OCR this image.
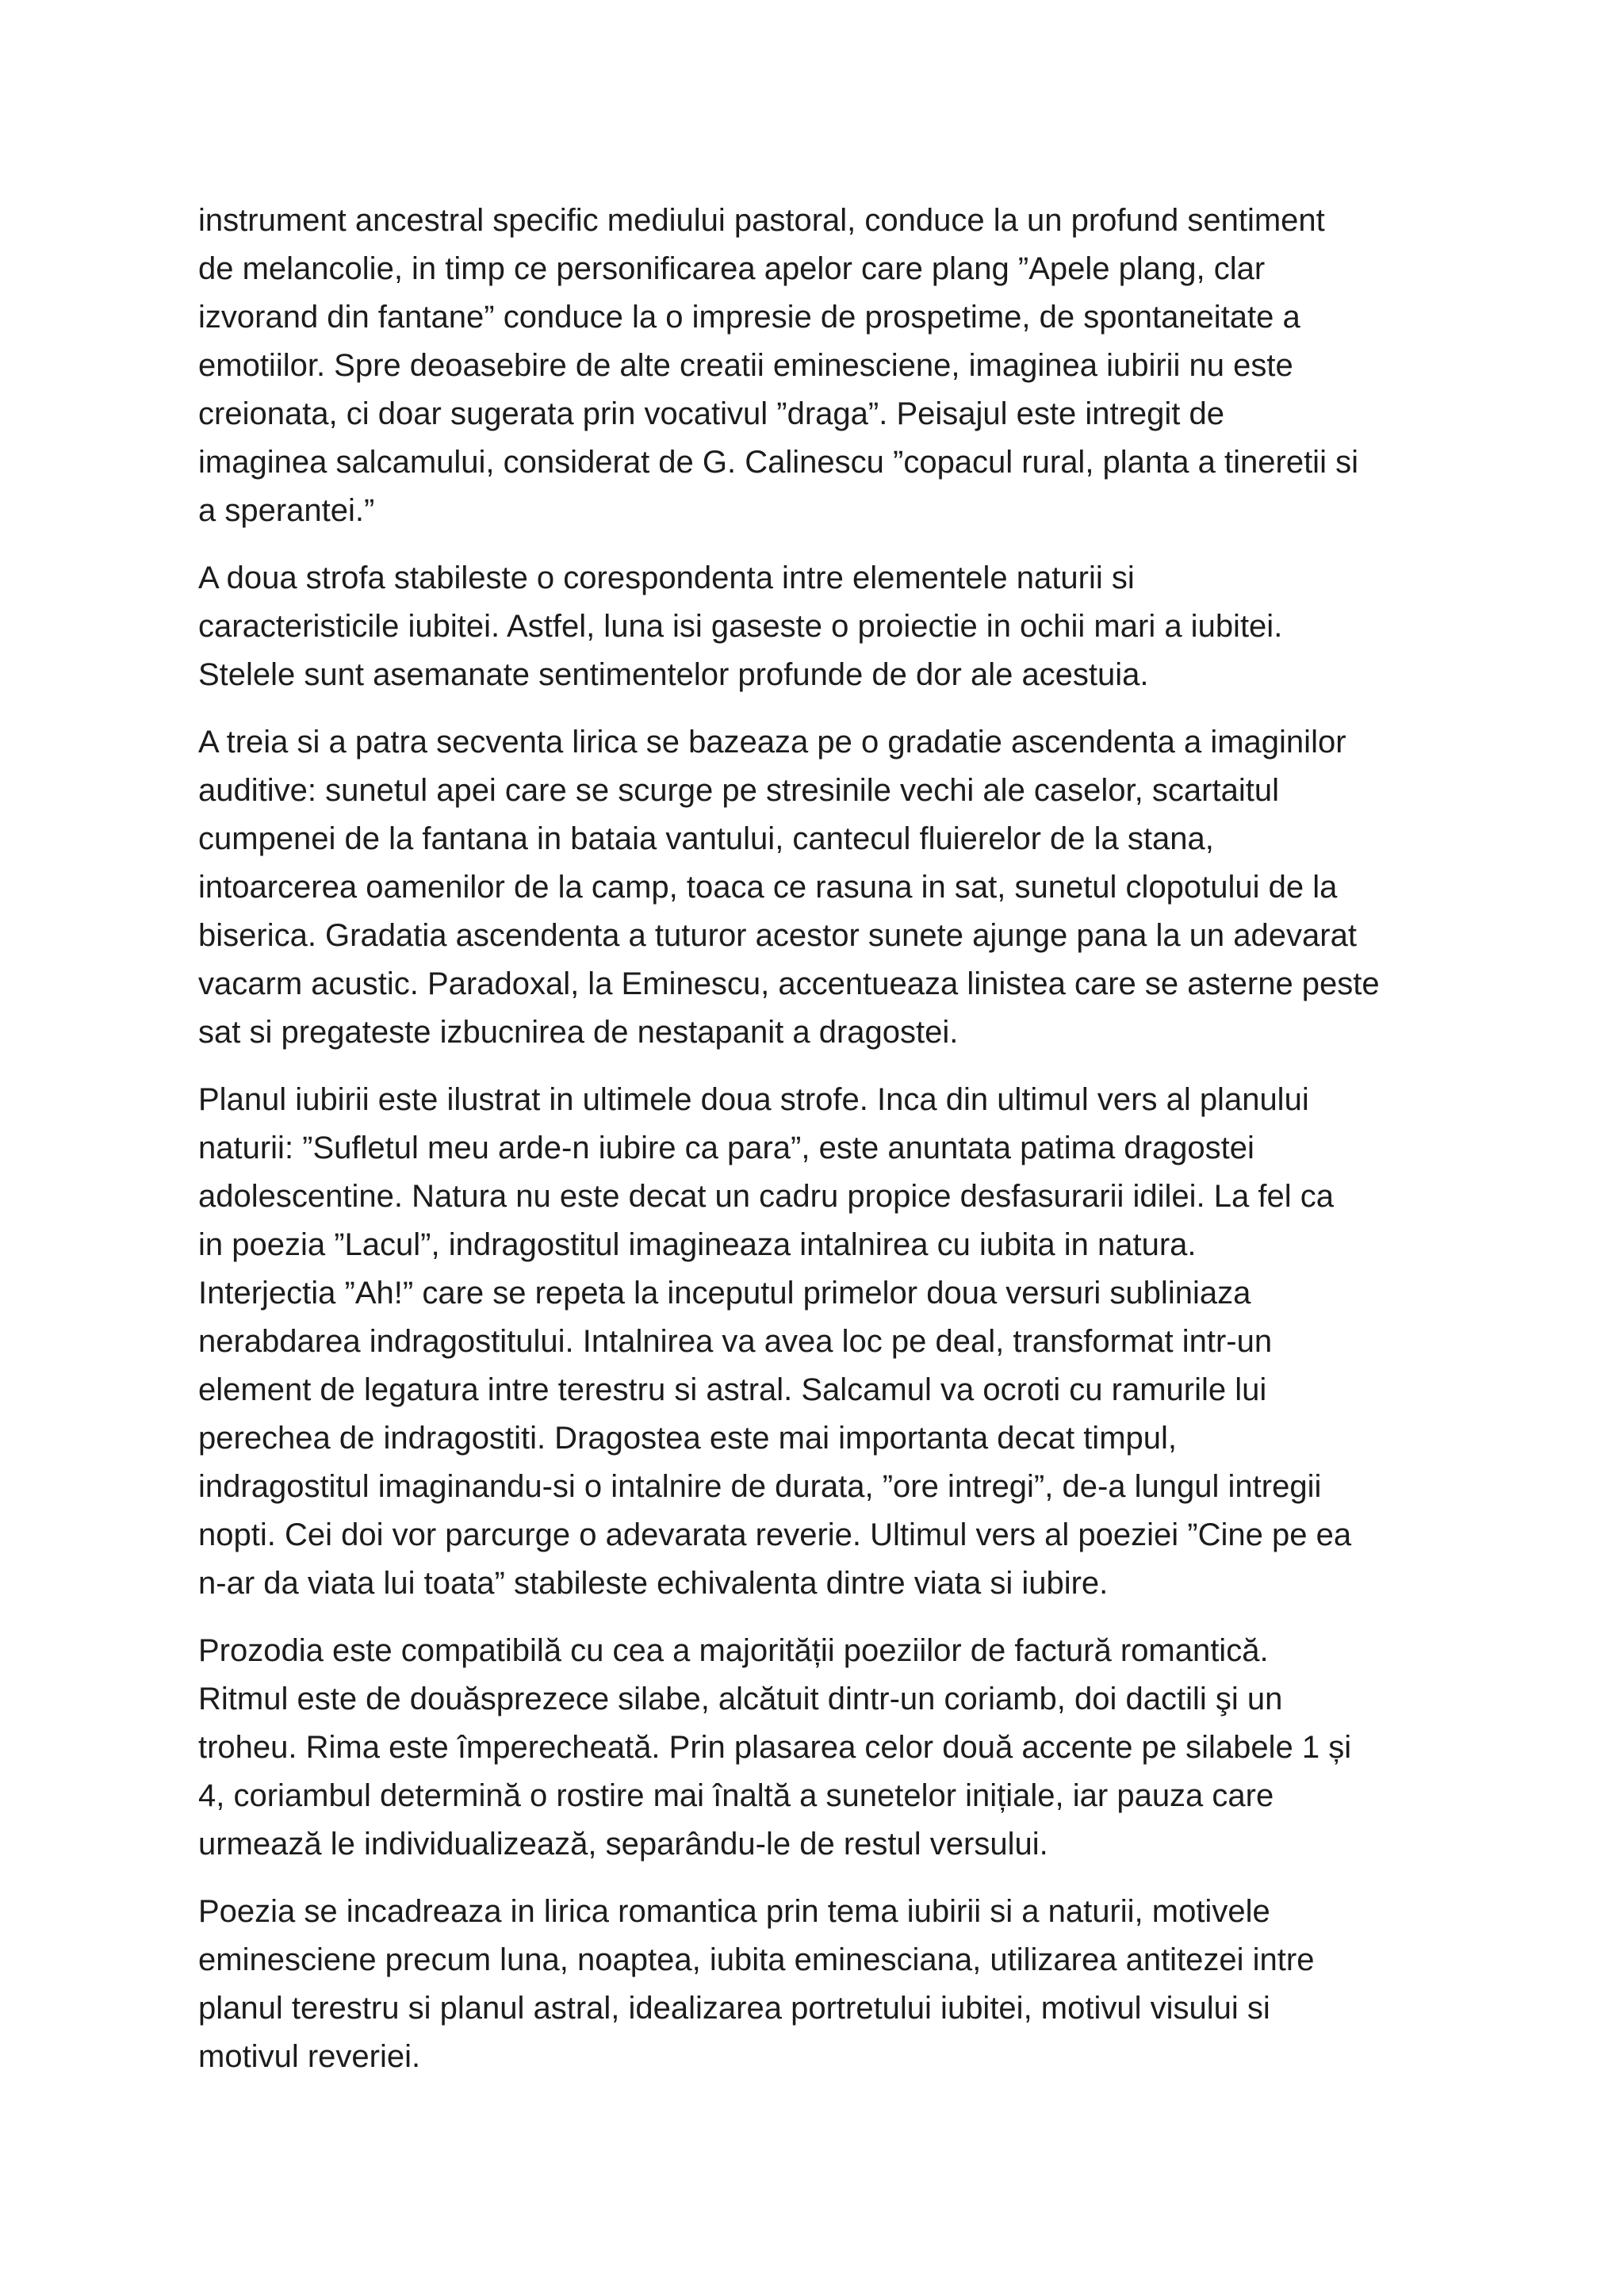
instrument ancestral specific mediului pastoral, conduce la un profund sentiment
de melancolie, in timp ce personificarea apelor care plang ”Apele plang, clar
izvorand din fantane” conduce la o impresie de prospetime, de spontaneitate a
emotiilor. Spre deoasebire de alte creatii eminesciene, imaginea iubirii nu este
creionata, ci doar sugerata prin vocativul ”draga”. Peisajul este intregit de
imaginea salcamului, considerat de G. Calinescu ”copacul rural, planta a tineretii si
a sperantei.”

A doua strofa stabileste o corespondenta intre elementele naturii si
caracteristicile iubitei. Astfel, luna isi gaseste o proiectie in ochii mari a iubitei.
Stelele sunt asemanate sentimentelor profunde de dor ale acestuia.

A treia si a patra secventa lirica se bazeaza pe o gradatie ascendenta a imaginilor
auditive: sunetul apei care se scurge pe stresinile vechi ale caselor, scartaitul
cumpenei de la fantana in bataia vantului, cantecul fluierelor de la stana,
intoarcerea oamenilor de la camp, toaca ce rasuna in sat, sunetul clopotului de la
biserica. Gradatia ascendenta a tuturor acestor sunete ajunge pana la un adevarat
vacarm acustic. Paradoxal, la Eminescu, accentueaza linistea care se asterne peste
sat si pregateste izbucnirea de nestapanit a dragostei.

Planul iubirii este ilustrat in ultimele doua strofe. Inca din ultimul vers al planului
naturii: ”Sufletul meu arde-n iubire ca para”, este anuntata patima dragostei
adolescentine. Natura nu este decat un cadru propice desfasurarii idilei. La fel ca
in poezia ”Lacul”, indragostitul imagineaza intalnirea cu iubita in natura.
Interjectia ”Ah!” care se repeta la inceputul primelor doua versuri subliniaza
nerabdarea indragostitului. Intalnirea va avea loc pe deal, transformat intr-un
element de legatura intre terestru si astral. Salcamul va ocroti cu ramurile lui
perechea de indragostiti. Dragostea este mai importanta decat timpul,
indragostitul imaginandu-si o intalnire de durata, ”ore intregi”, de-a lungul intregii
nopti. Cei doi vor parcurge o adevarata reverie. Ultimul vers al poeziei ”Cine pe ea
n-ar da viata lui toata” stabileste echivalenta dintre viata si iubire.

Prozodia este compatibilă cu cea a majorității poeziilor de factură romantică.
Ritmul este de douăsprezece silabe, alcătuit dintr-un coriamb, doi dactili şi un
troheu. Rima este împerecheată. Prin plasarea celor două accente pe silabele 1 și
4, coriambul determină o rostire mai înaltă a sunetelor inițiale, iar pauza care
urmează le individualizează, separându-le de restul versului.

Poezia se incadreaza in lirica romantica prin tema iubirii si a naturii, motivele
eminesciene precum luna, noaptea, iubita eminesciana, utilizarea antitezei intre
planul terestru si planul astral, idealizarea portretului iubitei, motivul visului si
motivul reveriei.
